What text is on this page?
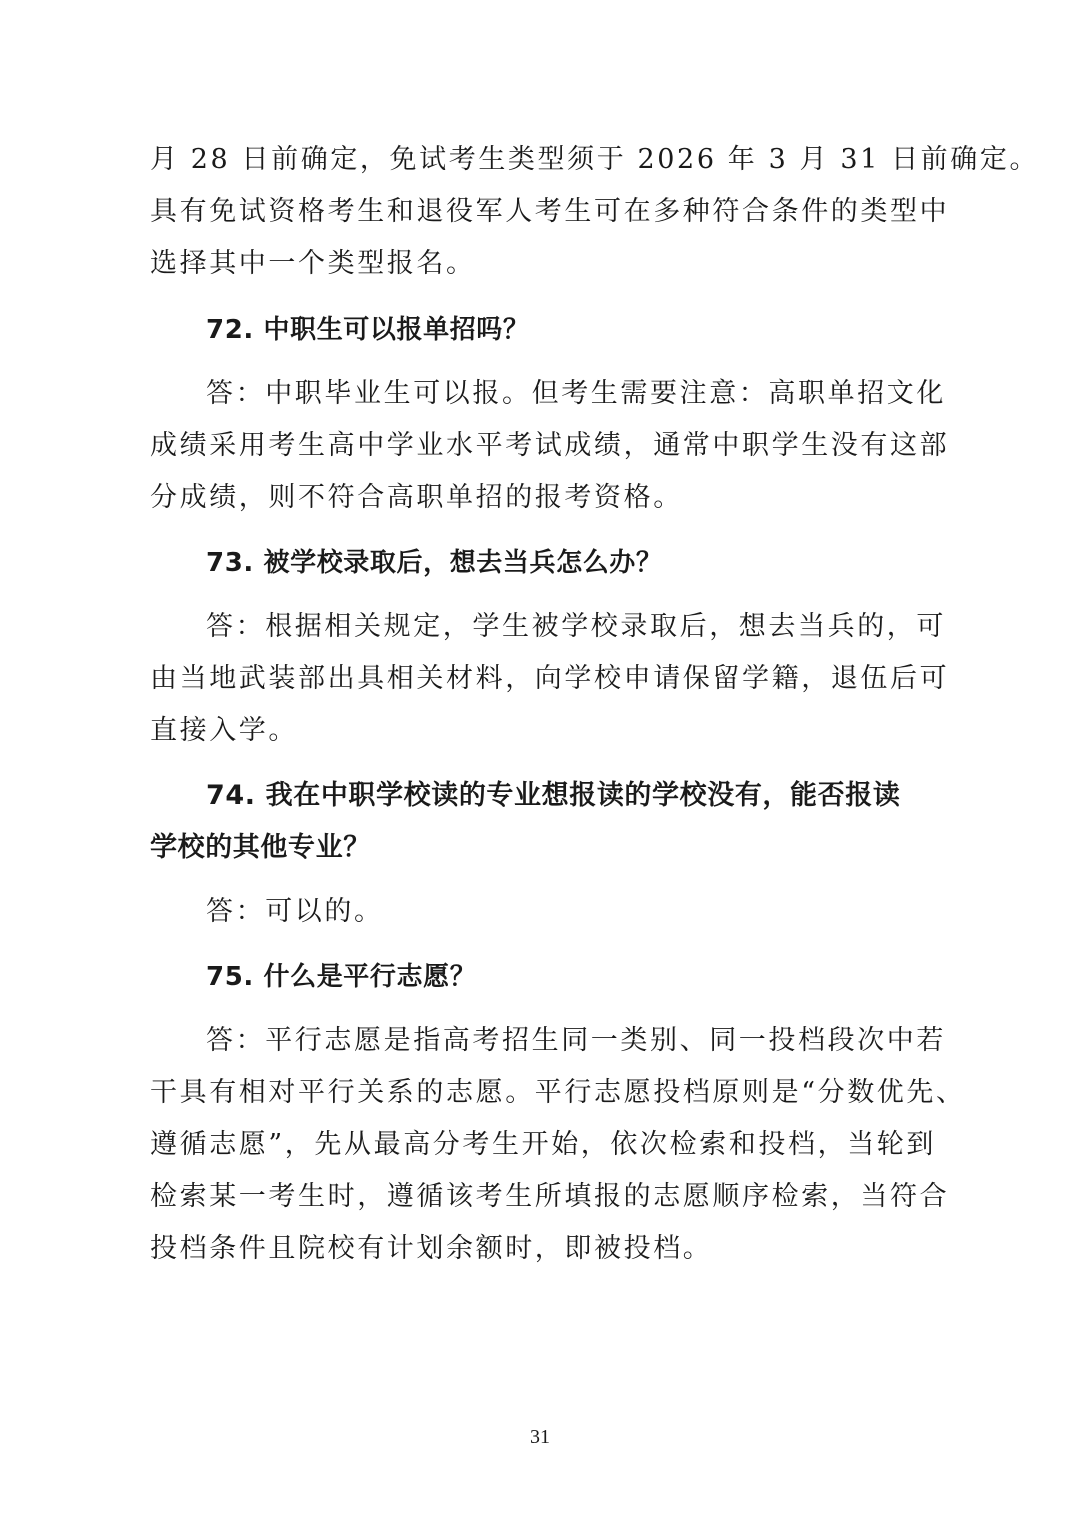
月 28 日前确定，免试考生类型须于 2026 年 3 月 31 日前确定。
具有免试资格考生和退役军人考生可在多种符合条件的类型中
选择其中一个类型报名。
72. 中职生可以报单招吗？
答：中职毕业生可以报。但考生需要注意：高职单招文化
成绩采用考生高中学业水平考试成绩，通常中职学生没有这部
分成绩，则不符合高职单招的报考资格。
73. 被学校录取后，想去当兵怎么办？
答：根据相关规定，学生被学校录取后，想去当兵的，可
由当地武装部出具相关材料，向学校申请保留学籍，退伍后可
直接入学。
74. 我在中职学校读的专业想报读的学校没有，能否报读
学校的其他专业？
答：可以的。
75. 什么是平行志愿？
答：平行志愿是指高考招生同一类别、同一投档段次中若
干具有相对平行关系的志愿。平行志愿投档原则是“分数优先、
遵循志愿”，先从最高分考生开始，依次检索和投档，当轮到
检索某一考生时，遵循该考生所填报的志愿顺序检索，当符合
投档条件且院校有计划余额时，即被投档。
31
